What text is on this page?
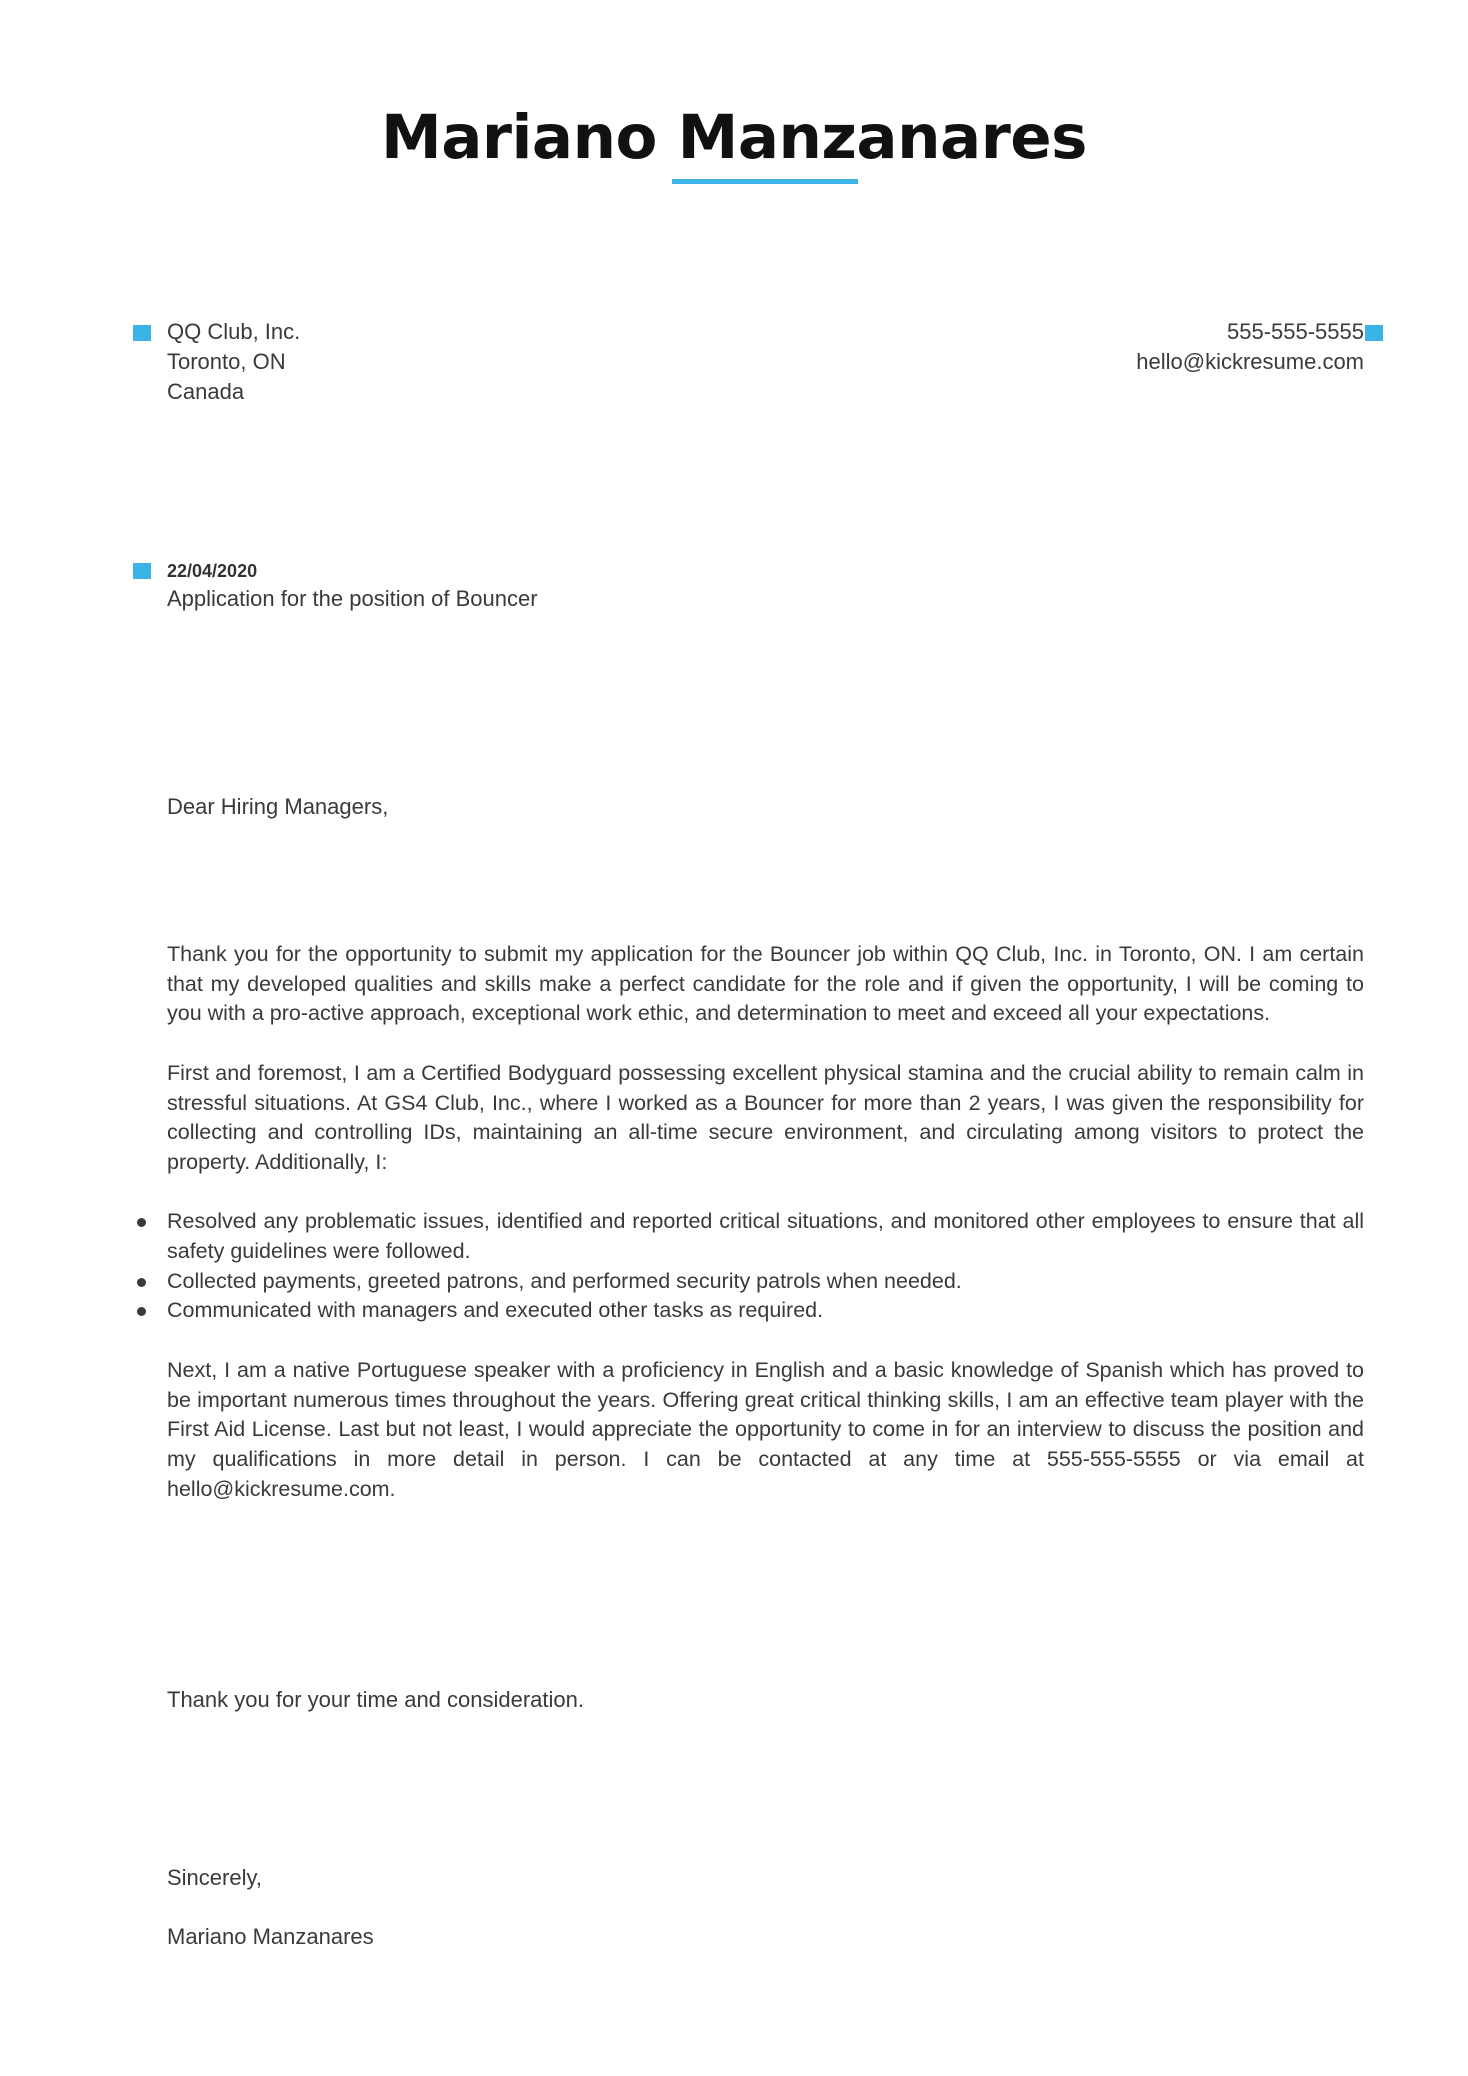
Mariano Manzanares
QQ Club, Inc.
Toronto, ON
Canada
555-555-5555
hello@kickresume.com
22/04/2020
Application for the position of Bouncer
Dear Hiring Managers,

Thank you for the opportunity to submit my application for the Bouncer job within QQ Club, Inc. in Toronto, ON. I am certain that my developed qualities and skills make a perfect candidate for the role and if given the opportunity, I will be coming to you with a pro-active approach, exceptional work ethic, and determination to meet and exceed all your expectations.

First and foremost, I am a Certified Bodyguard possessing excellent physical stamina and the crucial ability to remain calm in stressful situations. At GS4 Club, Inc., where I worked as a Bouncer for more than 2 years, I was given the responsibility for collecting and controlling IDs, maintaining an all-time secure environment, and circulating among visitors to protect the property. Additionally, I:

Resolved any problematic issues, identified and reported critical situations, and monitored other employees to ensure that all safety guidelines were followed.
Collected payments, greeted patrons, and performed security patrols when needed.
Communicated with managers and executed other tasks as required.

Next, I am a native Portuguese speaker with a proficiency in English and a basic knowledge of Spanish which has proved to be important numerous times throughout the years. Offering great critical thinking skills, I am an effective team player with the First Aid License. Last but not least, I would appreciate the opportunity to come in for an interview to discuss the position and my qualifications in more detail in person. I can be contacted at any time at 555-555-5555 or via email at hello@kickresume.com.

Thank you for your time and consideration.
Sincerely,
Mariano Manzanares
